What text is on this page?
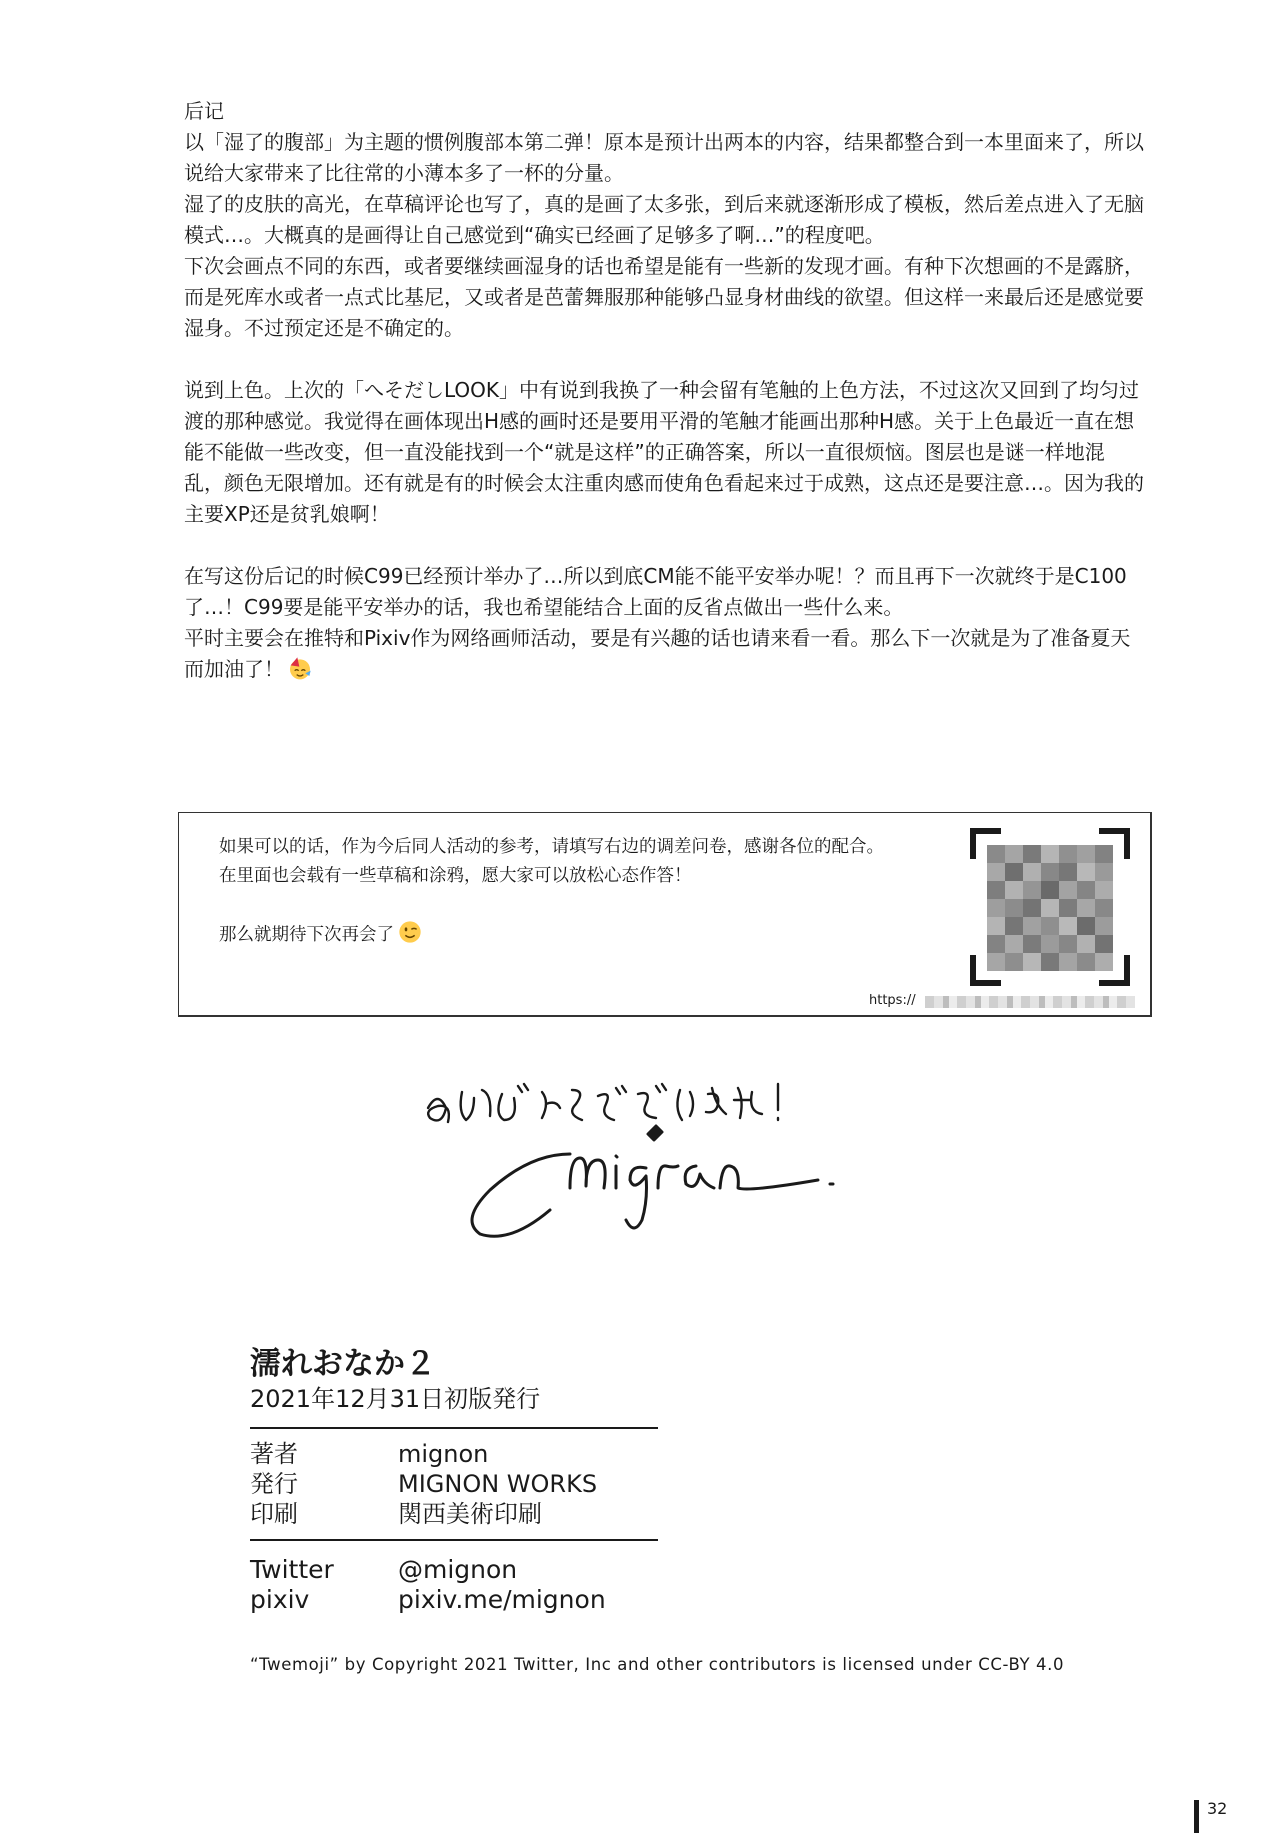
后记

以「湿了的腹部」为主题的惯例腹部本第二弹！原本是预计出两本的内容，结果都整合到一本里面来了，所以说给大家带来了比往常的小薄本多了一杯的分量。

湿了的皮肤的高光，在草稿评论也写了，真的是画了太多张，到后来就逐渐形成了模板，然后差点进入了无脑模式…。大概真的是画得让自己感觉到“确实已经画了足够多了啊…”的程度吧。

下次会画点不同的东西，或者要继续画湿身的话也希望是能有一些新的发现才画。有种下次想画的不是露脐，而是死库水或者一点式比基尼，又或者是芭蕾舞服那种能够凸显身材曲线的欲望。但这样一来最后还是感觉要湿身。不过预定还是不确定的。

说到上色。上次的「へそだしLOOK」中有说到我换了一种会留有笔触的上色方法，不过这次又回到了均匀过渡的那种感觉。我觉得在画体现出H感的画时还是要用平滑的笔触才能画出那种H感。关于上色最近一直在想能不能做一些改变，但一直没能找到一个“就是这样”的正确答案，所以一直很烦恼。图层也是谜一样地混乱，颜色无限增加。还有就是有的时候会太注重肉感而使角色看起来过于成熟，这点还是要注意…。因为我的主要XP还是贫乳娘啊！

在写这份后记的时候C99已经预计举办了…所以到底CM能不能平安举办呢！？而且再下一次就终于是C100了…！C99要是能平安举办的话，我也希望能结合上面的反省点做出一些什么来。

平时主要会在推特和Pixiv作为网络画师活动，要是有兴趣的话也请来看一看。那么下一次就是为了准备夏天而加油了！

如果可以的话，作为今后同人活动的参考，请填写右边的调差问卷，感谢各位的配合。

在里面也会载有一些草稿和涂鸦，愿大家可以放松心态作答！

那么就期待下次再会了

https://

濡れおなか２

2021年12月31日初版発行

著者	mignon
発行	MIGNON WORKS
印刷	関西美術印刷
Twitter	@mignon
pixiv	pixiv.me/mignon
“Twemoji” by Copyright 2021 Twitter, Inc and other contributors is licensed under CC-BY 4.0
32
